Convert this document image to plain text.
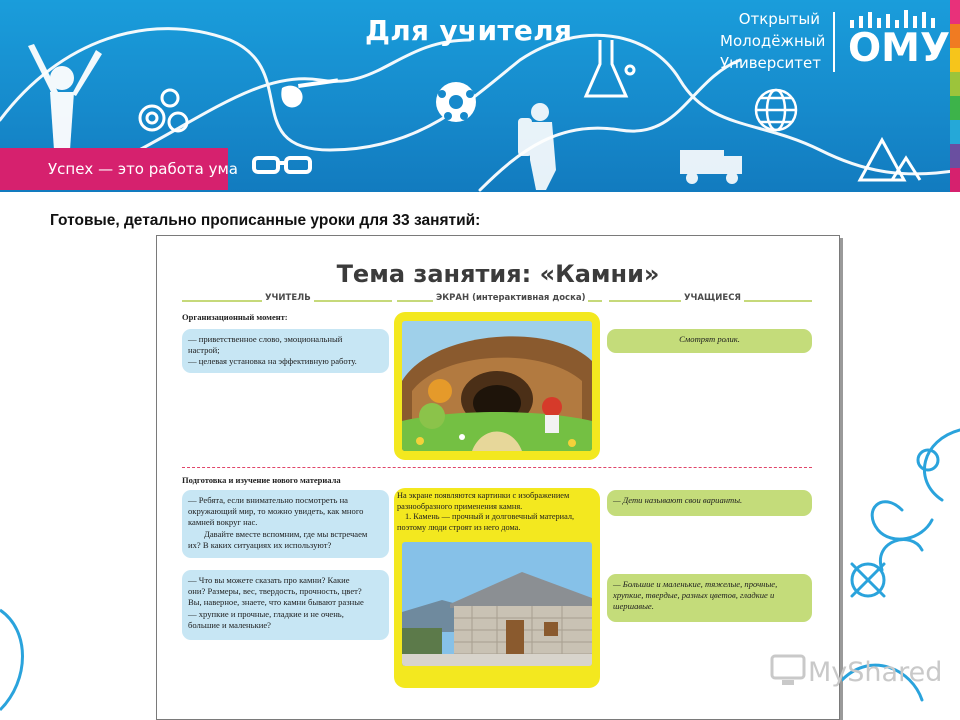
Для учителя
Успех — это работа ума
Открытый
Молодёжный
Университет ОМУ
Готовые, детально прописанные уроки для 33 занятий:
Тема занятия: «Камни»
УЧИТЕЛЬ	ЭКРАН (интерактивная доска)	УЧАЩИЕСЯ
Организационный момент:
— приветственное слово, эмоциональный
настрой;
— целевая установка на эффективную работу.
Смотрят ролик.
Подготовка и изучение нового материала
— Ребята, если внимательно посмотреть на
окружающий мир, то можно увидеть, как много
камней вокруг нас.
Давайте вместе вспомним, где мы встречаем
их? В каких ситуациях их используют?
— Что вы можете сказать про камни? Какие
они? Размеры, вес, твердость, прочность, цвет?
Вы, наверное, знаете, что камни бывают разные
— хрупкие и прочные, гладкие и не очень,
большие и маленькие?
На экране появляются картинки с изображением
разнообразного применения камня.
1. Камень — прочный и долговечный материал,
поэтому люди строят из него дома.
— Дети называют свои варианты.
— Большие и маленькие, тяжелые, прочные,
хрупкие, твердые, разных цветов, гладкие и
шершавые.
MyShared
